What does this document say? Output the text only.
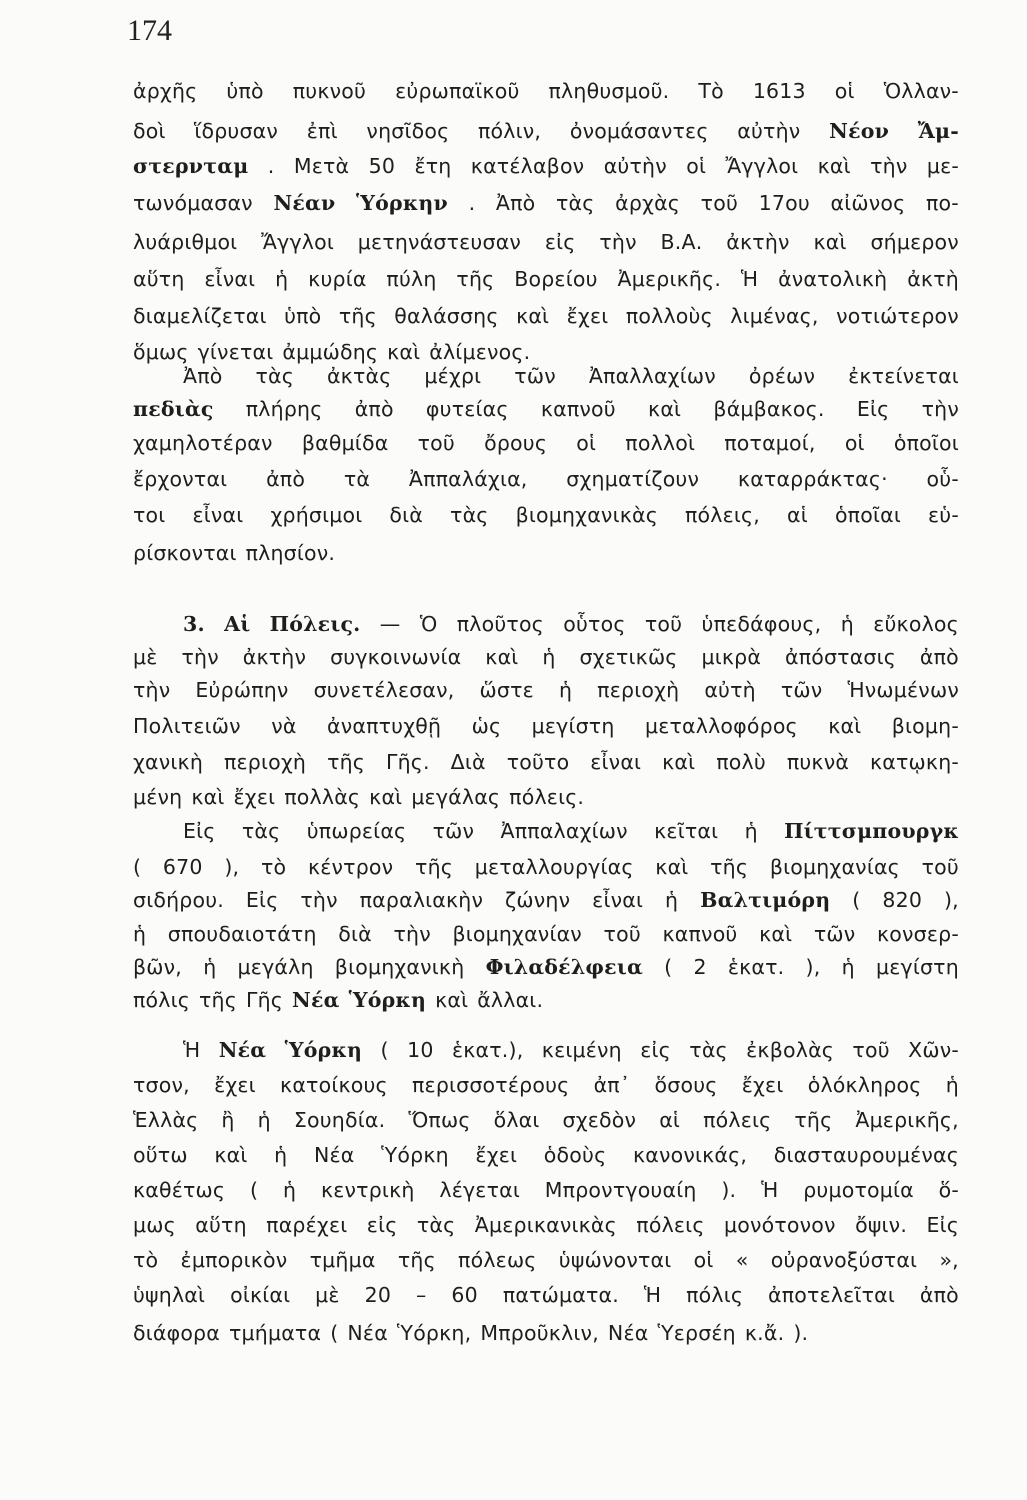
174
ἀρχῆς ὑπὸ πυκνοῦ εὐρωπαϊκοῦ πληθυσμοῦ. Τὸ 1613 οἱ Ὁλλαν-
δοὶ ἵδρυσαν ἐπὶ νησῖδος πόλιν, ὀνομάσαντες αὐτὴν Νέον Ἄμ-
στερνταμ . Μετὰ 50 ἔτη κατέλαβον αὐτὴν οἱ Ἄγγλοι καὶ τὴν με-
τωνόμασαν Νέαν Ὑόρκην . Ἀπὸ τὰς ἀρχὰς τοῦ 17ου αἰῶνος πο-
λυάριθμοι Ἄγγλοι μετηνάστευσαν εἰς τὴν Β.Α. ἀκτὴν καὶ σήμερον
αὕτη εἶναι ἡ κυρία πύλη τῆς Βορείου Ἀμερικῆς. Ἡ ἀνατολικὴ ἀκτὴ
διαμελίζεται ὑπὸ τῆς θαλάσσης καὶ ἔχει πολλοὺς λιμένας, νοτιώτερον
ὅμως γίνεται ἀμμώδης καὶ ἀλίμενος.
Ἀπὸ τὰς ἀκτὰς μέχρι τῶν Ἀπαλλαχίων ὀρέων ἐκτείνεται
πεδιὰς πλήρης ἀπὸ φυτείας καπνοῦ καὶ βάμβακος. Εἰς τὴν
χαμηλοτέραν βαθμίδα τοῦ ὄρους οἱ πολλοὶ ποταμοί, οἱ ὁποῖοι
ἔρχονται ἀπὸ τὰ Ἀππαλάχια, σχηματίζουν καταρράκτας· οὗ-
τοι εἶναι χρήσιμοι διὰ τὰς βιομηχανικὰς πόλεις, αἱ ὁποῖαι εὑ-
ρίσκονται πλησίον.
3. Αἱ Πόλεις. — Ὁ πλοῦτος οὗτος τοῦ ὑπεδάφους, ἡ εὔκολος
μὲ τὴν ἀκτὴν συγκοινωνία καὶ ἡ σχετικῶς μικρὰ ἀπόστασις ἀπὸ
τὴν Εὐρώπην συνετέλεσαν, ὥστε ἡ περιοχὴ αὐτὴ τῶν Ἡνωμένων
Πολιτειῶν νὰ ἀναπτυχθῇ ὡς μεγίστη μεταλλοφόρος καὶ βιομη-
χανικὴ περιοχὴ τῆς Γῆς. Διὰ τοῦτο εἶναι καὶ πολὺ πυκνὰ κατῳκη-
μένη καὶ ἔχει πολλὰς καὶ μεγάλας πόλεις.
Εἰς τὰς ὑπωρείας τῶν Ἀππαλαχίων κεῖται ἡ Πίττσμπουργκ
( 670 ), τὸ κέντρον τῆς μεταλλουργίας καὶ τῆς βιομηχανίας τοῦ
σιδήρου. Εἰς τὴν παραλιακὴν ζώνην εἶναι ἡ Βαλτιμόρη ( 820 ),
ἡ σπουδαιοτάτη διὰ τὴν βιομηχανίαν τοῦ καπνοῦ καὶ τῶν κονσερ-
βῶν, ἡ μεγάλη βιομηχανικὴ Φιλαδέλφεια ( 2 ἑκατ. ), ἡ μεγίστη
πόλις τῆς Γῆς Νέα Ὑόρκη καὶ ἄλλαι.
Ἡ Νέα Ὑόρκη ( 10 ἑκατ.), κειμένη εἰς τὰς ἐκβολὰς τοῦ Χῶν-
τσον, ἔχει κατοίκους περισσοτέρους ἀπ᾽ ὅσους ἔχει ὁλόκληρος ἡ
Ἑλλὰς ἢ ἡ Σουηδία. Ὅπως ὅλαι σχεδὸν αἱ πόλεις τῆς Ἀμερικῆς,
οὕτω καὶ ἡ Νέα Ὑόρκη ἔχει ὁδοὺς κανονικάς, διασταυρουμένας
καθέτως ( ἡ κεντρικὴ λέγεται Μπροντγουαίη ). Ἡ ρυμοτομία ὅ-
μως αὕτη παρέχει εἰς τὰς Ἀμερικανικὰς πόλεις μονότονον ὄψιν. Εἰς
τὸ ἐμπορικὸν τμῆμα τῆς πόλεως ὑψώνονται οἱ « οὐρανοξύσται »,
ὑψηλαὶ οἰκίαι μὲ 20 – 60 πατώματα. Ἡ πόλις ἀποτελεῖται ἀπὸ
διάφορα τμήματα ( Νέα Ὑόρκη, Μπροῦκλιν, Νέα Ὑερσέη κ.ἄ. ).
